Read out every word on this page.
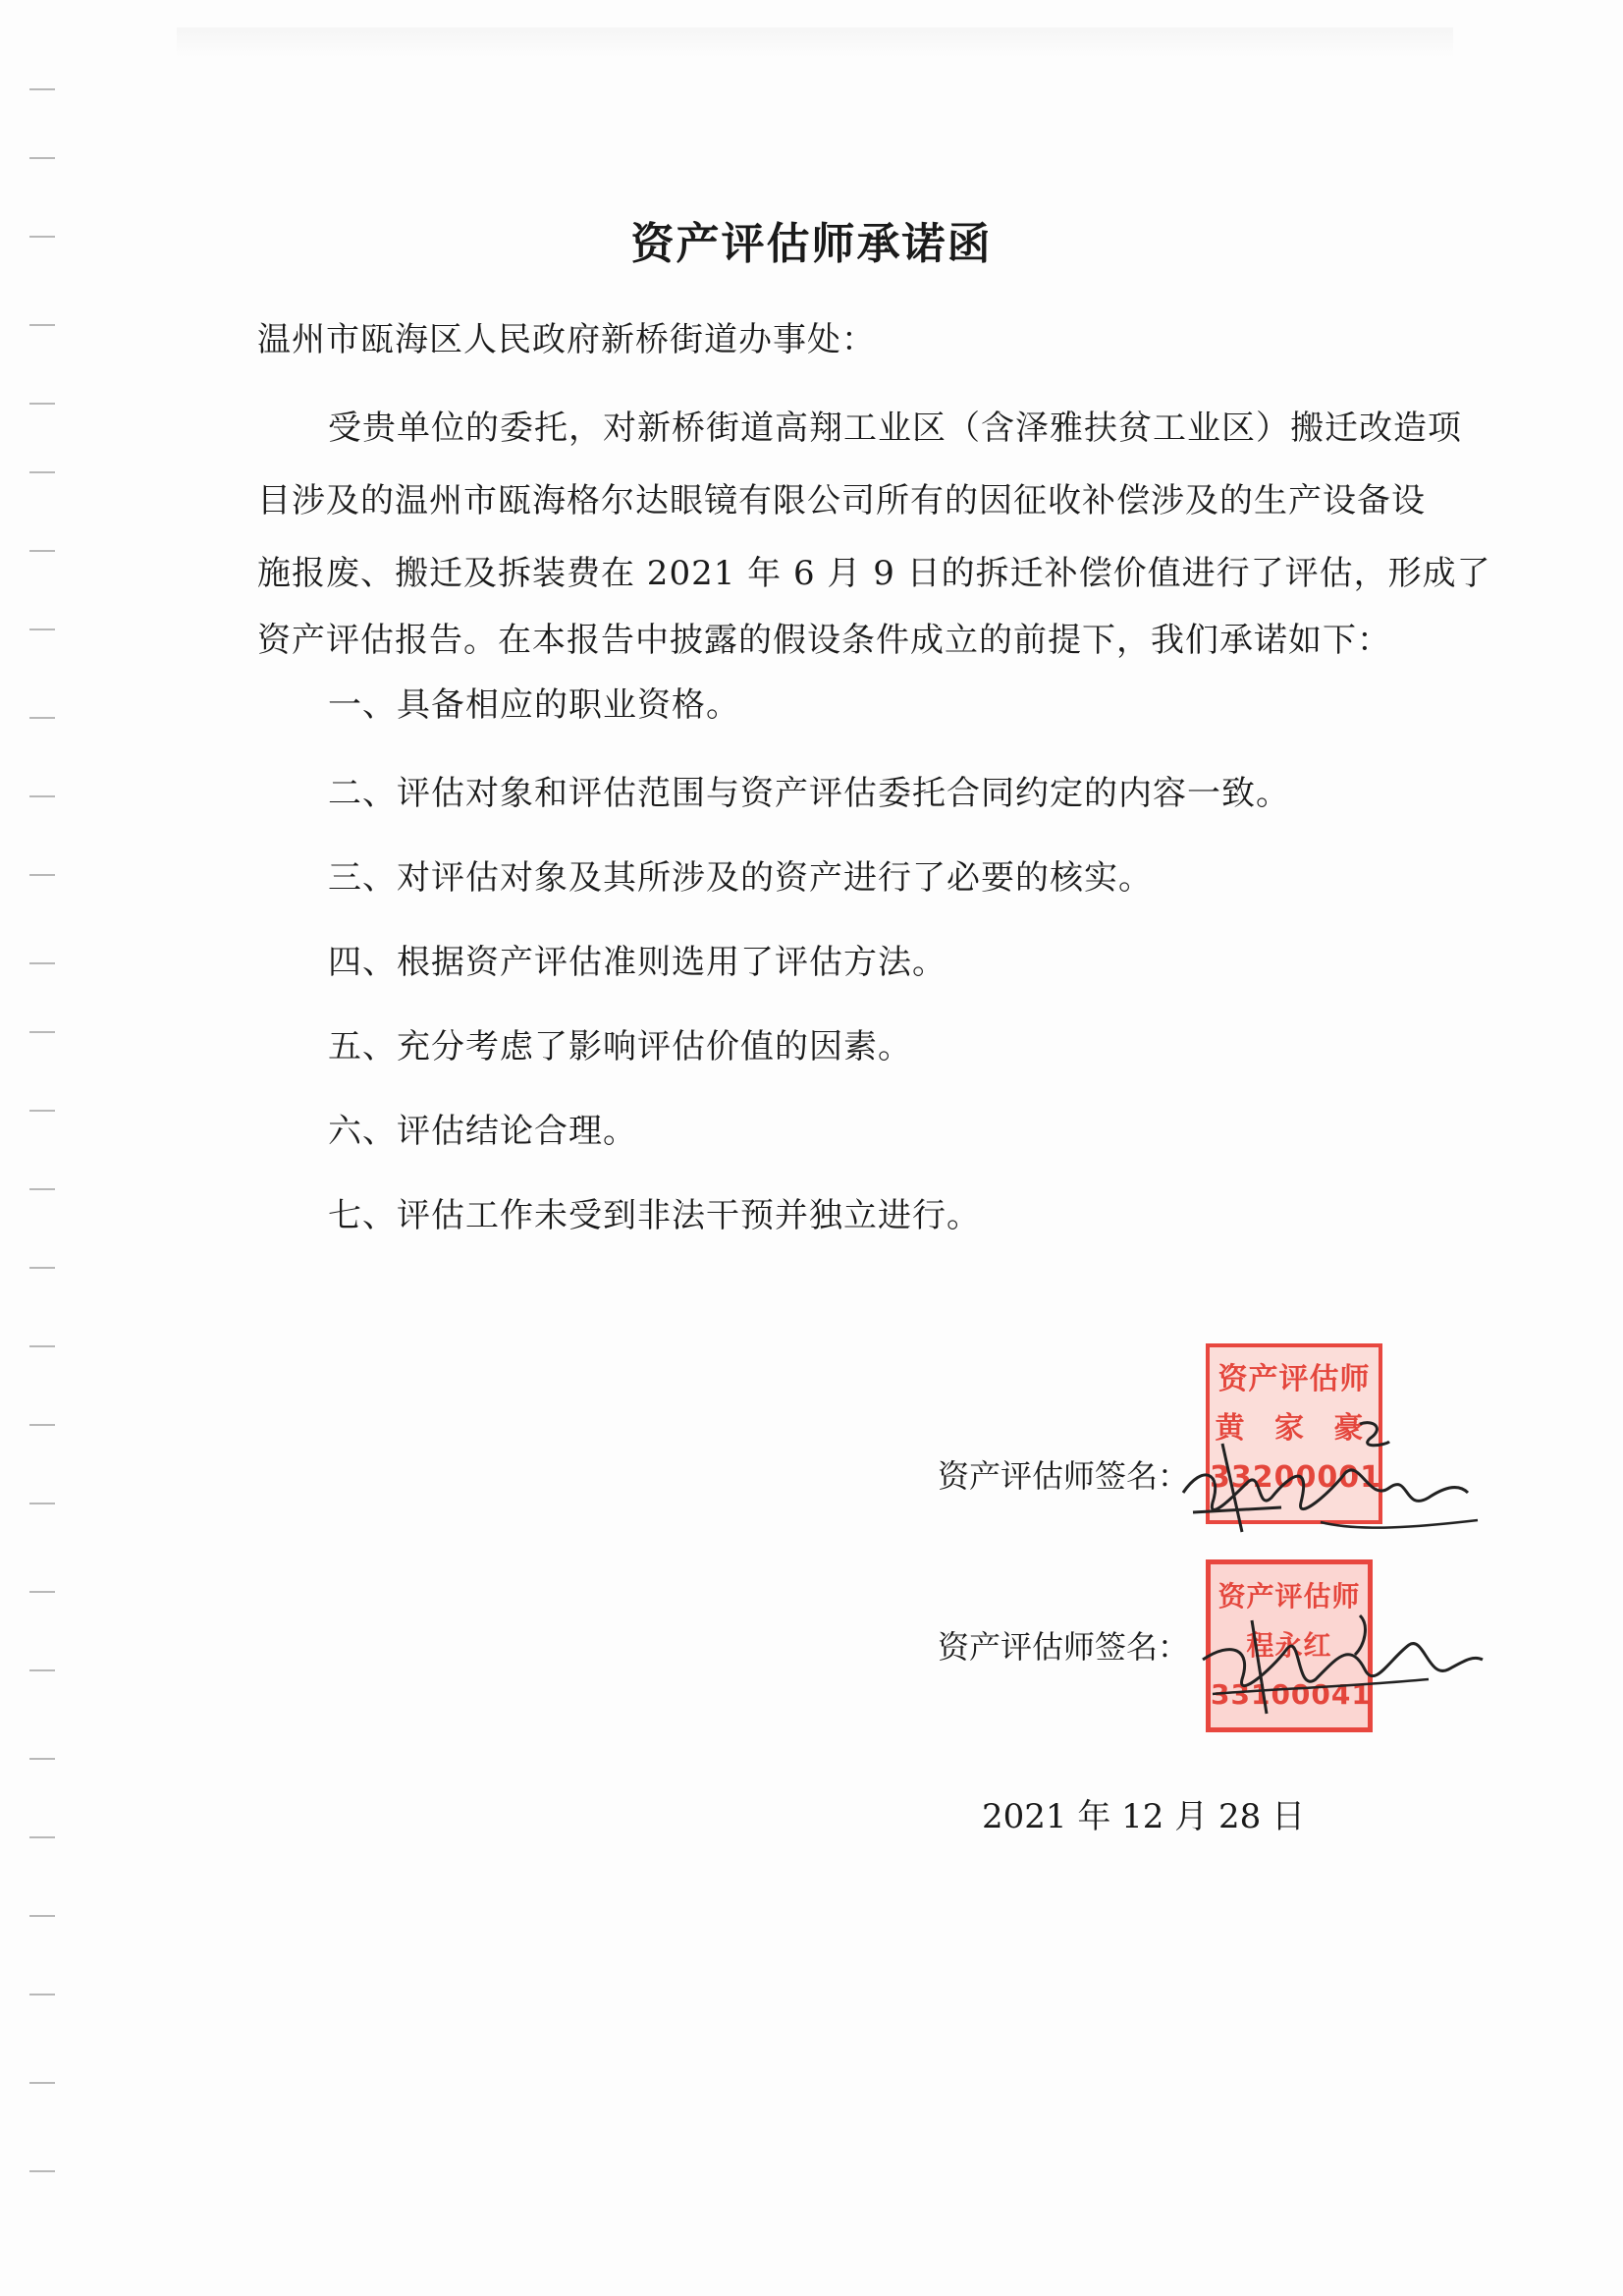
资产评估师承诺函
温州市瓯海区人民政府新桥街道办事处：
受贵单位的委托，对新桥街道高翔工业区（含泽雅扶贫工业区）搬迁改造项
目涉及的温州市瓯海格尔达眼镜有限公司所有的因征收补偿涉及的生产设备设
施报废、搬迁及拆装费在 2021 年 6 月 9 日的拆迁补偿价值进行了评估，形成了
资产评估报告。在本报告中披露的假设条件成立的前提下，我们承诺如下：
一、具备相应的职业资格。
二、评估对象和评估范围与资产评估委托合同约定的内容一致。
三、对评估对象及其所涉及的资产进行了必要的核实。
四、根据资产评估准则选用了评估方法。
五、充分考虑了影响评估价值的因素。
六、评估结论合理。
七、评估工作未受到非法干预并独立进行。
资产评估师签名：
资产评估师
黄 家 豪
33200001
资产评估师签名：
资产评估师
程永红
33100041
2021 年 12 月 28 日
